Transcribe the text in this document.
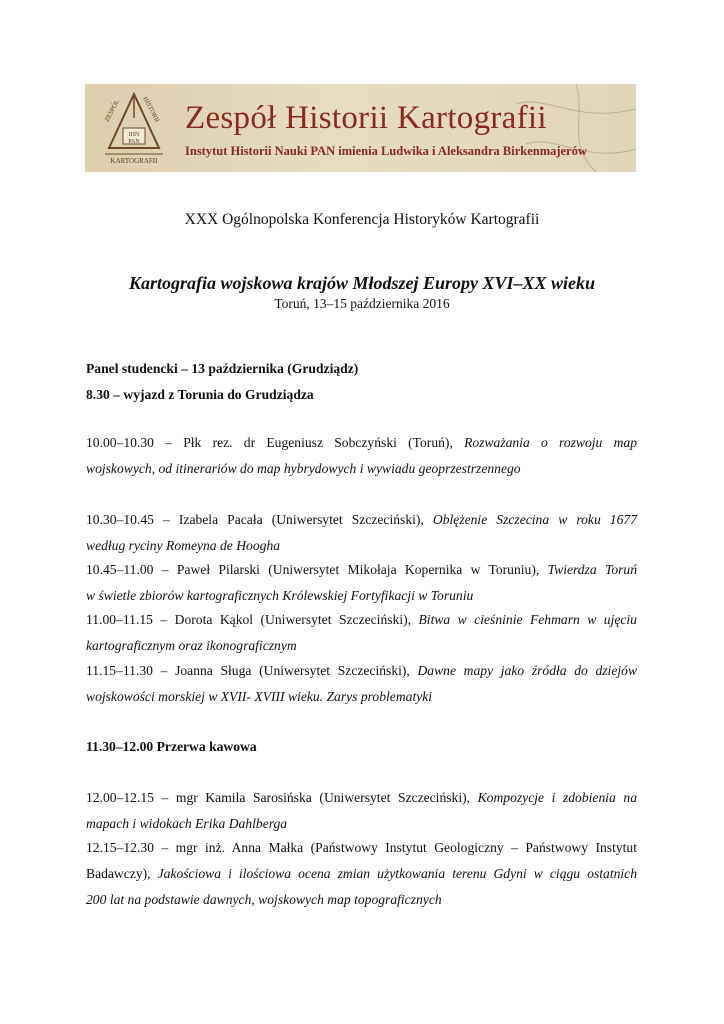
ZESPÓŁ	HISTORII
IHN
PAN
KARTOGRAFII
Zespół Historii Kartografii
Instytut Historii Nauki PAN imienia Ludwika i Aleksandra Birkenmajerów
XXX Ogólnopolska Konferencja Historyków Kartografii
Kartografia wojskowa krajów Młodszej Europy XVI–XX wieku
Toruń, 13–15 października 2016
Panel studencki – 13 października (Grudziądz)
8.30 – wyjazd z Torunia do Grudziądza
10.00–10.30 – Płk rez. dr Eugeniusz Sobczyński (Toruń), Rozważania o rozwoju map
wojskowych, od itinerariów do map hybrydowych i wywiadu geoprzestrzennego
10.30–10.45 – Izabela Pacała (Uniwersytet Szczeciński), Oblężenie Szczecina w roku 1677
według ryciny Romeyna de Hoogha
10.45–11.00 – Paweł Pilarski (Uniwersytet Mikołaja Kopernika w Toruniu), Twierdza Toruń
w świetle zbiorów kartograficznych Królewskiej Fortyfikacji w Toruniu
11.00–11.15 – Dorota Kąkol (Uniwersytet Szczeciński), Bitwa w cieśninie Fehmarn w ujęciu
kartograficznym oraz ikonograficznym
11.15–11.30 – Joanna Sługa (Uniwersytet Szczeciński), Dawne mapy jako źródła do dziejów
wojskowości morskiej w XVII- XVIII wieku. Zarys problematyki
11.30–12.00 Przerwa kawowa
12.00–12.15 – mgr Kamila Sarosińska (Uniwersytet Szczeciński), Kompozycje i zdobienia na
mapach i widokach Erika Dahlberga
12.15–12.30 – mgr inż. Anna Małka (Państwowy Instytut Geologiczny – Państwowy Instytut
Badawczy), Jakościowa i ilościowa ocena zmian użytkowania terenu Gdyni w ciągu ostatnich
200 lat na podstawie dawnych, wojskowych map topograficznych
